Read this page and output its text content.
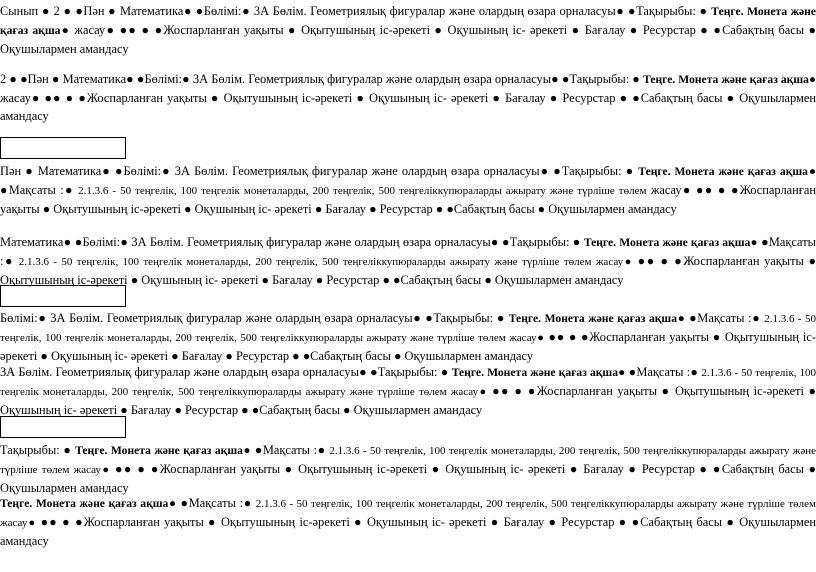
Сынып ● 2 ● ●Пән ● Математика● ●Бөлімі:● 3А Бөлім. Геометриялық фигуралар және олардың өзара орналасуы● ●Тақырыбы: ● Теңге. Монета және қағаз ақша● жасау● ●● ● ●Жоспарланған уақыты ● Оқытушының іс-әрекеті ● Оқушының іс- әрекеті ● Бағалау ● Ресурстар ● ●Сабақтың басы ● Оқушылармен амандасу
2 ● ●Пән ● Математика● ●Бөлімі:● 3А Бөлім. Геометриялық фигуралар және олардың өзара орналасуы● ●Тақырыбы: ● Теңге. Монета және қағаз ақша● жасау● ●● ● ●Жоспарланған уақыты ● Оқытушының іс-әрекеті ● Оқушының іс- әрекеті ● Бағалау ● Ресурстар ● ●Сабақтың басы ● Оқушылармен амандасу
Пән ● Математика● ●Бөлімі:● 3А Бөлім. Геометриялық фигуралар және олардың өзара орналасуы● ●Тақырыбы: ● Теңге. Монета және қағаз ақша● ●Мақсаты :● 2.1.3.6 - 50 теңгелік, 100 теңгелік монеталарды, 200 теңгелік, 500 теңгеліккупюраларды ажырату және түрліше төлем жасау● ●● ● ●Жоспарланған уақыты ● Оқытушының іс-әрекеті ● Оқушының іс- әрекеті ● Бағалау ● Ресурстар ● ●Сабақтың басы ● Оқушылармен амандасу
Математика● ●Бөлімі:● 3А Бөлім. Геометриялық фигуралар және олардың өзара орналасуы● ●Тақырыбы: ● Теңге. Монета және қағаз ақша● ●Мақсаты :● 2.1.3.6 - 50 теңгелік, 100 теңгелік монеталарды, 200 теңгелік, 500 теңгеліккупюраларды ажырату және түрліше төлем жасау● ●● ● ●Жоспарланған уақыты ● Оқытушының іс-әрекеті ● Оқушының іс- әрекеті ● Бағалау ● Ресурстар ● ●Сабақтың басы ● Оқушылармен амандасу
Бөлімі:● 3А Бөлім. Геометриялық фигуралар және олардың өзара орналасуы● ●Тақырыбы: ● Теңге. Монета және қағаз ақша● ●Мақсаты :● 2.1.3.6 - 50 теңгелік, 100 теңгелік монеталарды, 200 теңгелік, 500 теңгеліккупюраларды ажырату және түрліше төлем жасау● ●● ● ●Жоспарланған уақыты ● Оқытушының іс-әрекеті ● Оқушының іс- әрекеті ● Бағалау ● Ресурстар ● ●Сабақтың басы ● Оқушылармен амандасу
3А Бөлім. Геометриялық фигуралар және олардың өзара орналасуы● ●Тақырыбы: ● Теңге. Монета және қағаз ақша● ●Мақсаты :● 2.1.3.6 - 50 теңгелік, 100 теңгелік монеталарды, 200 теңгелік, 500 теңгеліккупюраларды ажырату және түрліше төлем жасау● ●● ● ●Жоспарланған уақыты ● Оқытушының іс-әрекеті ● Оқушының іс- әрекеті ● Бағалау ● Ресурстар ● ●Сабақтың басы ● Оқушылармен амандасу
Тақырыбы: ● Теңге. Монета және қағаз ақша● ●Мақсаты :● 2.1.3.6 - 50 теңгелік, 100 теңгелік монеталарды, 200 теңгелік, 500 теңгеліккупюраларды ажырату және түрліше төлем жасау● ●● ● ●Жоспарланған уақыты ● Оқытушының іс-әрекеті ● Оқушының іс- әрекеті ● Бағалау ● Ресурстар ● ●Сабақтың басы ● Оқушылармен амандасу
Теңге. Монета және қағаз ақша● ●Мақсаты :● 2.1.3.6 - 50 теңгелік, 100 теңгелік монеталарды, 200 теңгелік, 500 теңгеліккупюраларды ажырату және түрліше төлем жасау● ●● ● ●Жоспарланған уақыты ● Оқытушының іс-әрекеті ● Оқушының іс- әрекеті ● Бағалау ● Ресурстар ● ●Сабақтың басы ● Оқушылармен амандасу
